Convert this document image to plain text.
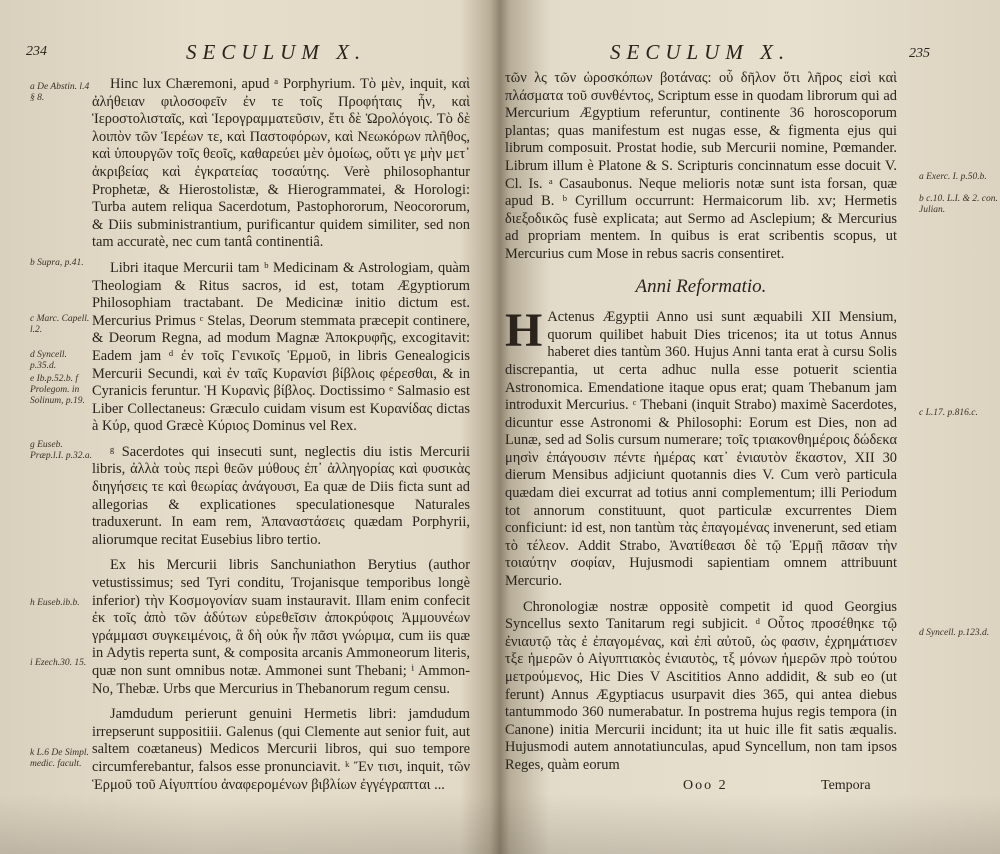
234	SECULUM X.
a De Abstin. l.4 § 8.
b Supra, p.41.
c Marc. Capell. l.2.
d Syncell. p.35.d.
e Ib.p.52.b. f Prolegom. in Solinum, p.19.
g Euseb. Præp.l.I. p.32.a.
h Euseb.ib.b.
i Ezech.30. 15.
k L.6 De Simpl. medic. facult.

Hinc lux Chæremoni, apud ᵃ Porphyrium. Τὸ μὲν, inquit, καὶ ἀλήθειαν φιλοσοφεῖν ἐν τε τοῖς Προφήταις ἦν, καὶ Ἱεροστολισταῖς, καὶ Ἱερογραμματεῦσιν, ἔτι δὲ Ὡρολόγοις. Τὸ δὲ λοιπὸν τῶν Ἱερέων τε, καὶ Παστοφόρων, καὶ Νεωκόρων πλῆθος, καὶ ὑπουργῶν τοῖς θεοῖς, καθαρεύει μὲν ὁμοίως, οὔτι γε μὴν μετ᾽ ἀκριβείας καὶ ἐγκρατείας τοσαύτης. Verè philosophantur Prophetæ, & Hierostolistæ, & Hierogrammatei, & Horologi: Turba autem reliqua Sacerdotum, Pastophororum, Neocororum, & Diis subministrantium, purificantur quidem similiter, sed non tam accuratè, nec cum tantâ continentiâ.

Libri itaque Mercurii tam ᵇ Medicinam & Astrologiam, quàm Theologiam & Ritus sacros, id est, totam Ægyptiorum Philosophiam tractabant. De Medicinæ initio dictum est. Mercurius Primus ᶜ Stelas, Deorum stemmata præcepit continere, & Deorum Regna, ad modum Magnæ Ἀποκρυφῆς, excogitavit: Eadem jam ᵈ ἐν τοῖς Γενικοῖς Ἑρμοῦ, in libris Genealogicis Mercurii Secundi, καὶ ἐν ταῖς Κυρανίσι βίβλοις φέρεσθαι, & in Cyranicis feruntur. Ἡ Κυρανὶς βίβλος. Doctissimo ᵉ Salmasio est Liber Collectaneus: Græculo cuidam visum est Κυρανίδας dictas à Κύρ, quod Græcè Κύριος Dominus vel Rex.

ᵍ Sacerdotes qui insecuti sunt, neglectis diu istis Mercurii libris, ἀλλὰ τοὺς περὶ θεῶν μύθους ἐπ᾽ ἀλληγορίας καὶ φυσικὰς διηγήσεις τε καὶ θεωρίας ἀνάγουσι, Ea quæ de Diis ficta sunt ad allegorias & explicationes speculationesque Naturales traduxerunt. In eam rem, Ἀπαναστάσεις quædam Porphyrii, aliorumque recitat Eusebius libro tertio.

Ex his Mercurii libris Sanchuniathon Berytius (author vetustissimus; sed Tyri conditu, Trojanisque temporibus longè inferior) τὴν Κοσμογονίαν suam instauravit. Illam enim confecit ἐκ τοῖς ἀπὸ τῶν ἀδύτων εὑρεθεῖσιν ἀποκρύφοις Ἀμμουνέων γράμμασι συγκειμένοις, ἃ δὴ οὐκ ἦν πᾶσι γνώριμα, cum iis quæ in Adytis reperta sunt, & composita arcanis Ammoneorum literis, quæ non sunt omnibus notæ. Ammonei sunt Thebani; ⁱ Ammon-No, Thebæ. Urbs que Mercurius in Thebanorum regum censu.

Jamdudum perierunt genuini Hermetis libri: jamdudum irrepserunt suppositiii. Galenus (qui Clemente aut senior fuit, aut saltem coætaneus) Medicos Mercurii libros, qui suo tempore circumferebantur, falsos esse pronunciavit. ᵏ Ἔν τισι, inquit, τῶν Ἑρμοῦ τοῦ Αἰγυπτίου ἀναφερομένων βιβλίων ἐγγέγραπται ...

SECULUM X.	235
a Exerc. I. p.50.b.
b c.10. L.I. & 2. con. Julian.
c L.17. p.816.c.
d Syncell. p.123.d.

τῶν λς τῶν ὡροσκόπων βοτάνας: οὗ δῆλον ὅτι λῆρος εἰσὶ καὶ πλάσματα τοῦ συνθέντος, Scriptum esse in quodam librorum qui ad Mercurium Ægyptium referuntur, continente 36 horoscoporum plantas; quas manifestum est nugas esse, & figmenta ejus qui librum composuit. Prostat hodie, sub Mercurii nomine, Pœmander. Librum illum è Platone & S. Scripturis concinnatum esse docuit V. Cl. Is. ᵃ Casaubonus. Neque melioris notæ sunt ista forsan, quæ apud B. ᵇ Cyrillum occurrunt: Hermaicorum lib. xv; Hermetis διεξοδικῶς fusè explicata; aut Sermo ad Asclepium; & Mercurius ad propriam mentem. In quibus is erat scribentis scopus, ut Mercurius cum Mose in rebus sacris consentiret.

Anni Reformatio.

H Actenus Ægyptii Anno usi sunt æquabili XII Mensium, quorum quilibet habuit Dies tricenos; ita ut totus Annus haberet dies tantùm 360. Hujus Anni tanta erat à cursu Solis discrepantia, ut certa adhuc nulla esse potuerit scientia Astronomica. Emendatione itaque opus erat; quam Thebanum jam introduxit Mercurius. ᶜ Thebani (inquit Strabo) maximè Sacerdotes, dicuntur esse Astronomi & Philosophi: Eorum est Dies, non ad Lunæ, sed ad Solis cursum numerare; τοῖς τριακονθημέροις δώδεκα μησὶν ἐπάγουσιν πέντε ἡμέρας κατ᾽ ἐνιαυτὸν ἕκαστον, XII 30 dierum Mensibus adjiciunt quotannis dies V. Cum verò particula quædam diei excurrat ad totius anni complementum; illi Periodum tot annorum constituunt, quot particulæ excurrentes Diem conficiunt: id est, non tantùm τὰς ἐπαγομένας invenerunt, sed etiam τὸ τέλεον. Addit Strabo, Ἀνατίθεασι δὲ τῷ Ἑρμῇ πᾶσαν τὴν τοιαύτην σοφίαν, Hujusmodi sapientiam omnem attribuunt Mercurio.

Chronologiæ nostræ oppositè competit id quod Georgius Syncellus sexto Tanitarum regi subjicit. ᵈ Οὗτος προσέθηκε τῷ ἐνιαυτῷ τὰς ἐ ἐπαγομένας, καὶ ἐπὶ αὐτοῦ, ὡς φασιν, ἐχρημάτισεν τξε ἡμερῶν ὁ Αἰγυπτιακὸς ἐνιαυτὸς, τξ μόνων ἡμερῶν πρὸ τούτου μετρούμενος, Hic Dies V Ascititios Anno addidit, & sub eo (ut ferunt) Annus Ægyptiacus usurpavit dies 365, qui antea diebus tantummodo 360 numerabatur. In postrema hujus regis tempora (in Canone) initia Mercurii incidunt; ita ut huic ille fit satis æqualis. Hujusmodi autem annotatiunculas, apud Syncellum, non tam ipsos Reges, quàm eorum

Ooo 2	Tempora
